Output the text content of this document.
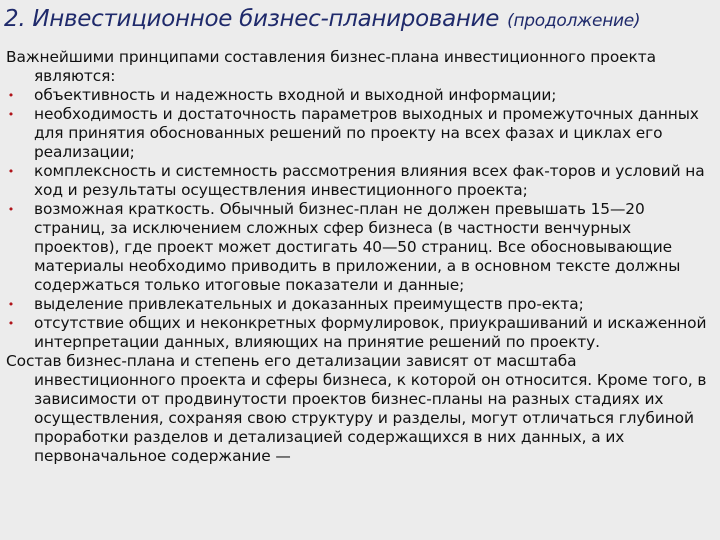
2. Инвестиционное бизнес-планирование (продолжение)

Важнейшими принципами составления бизнес-плана инвестиционного проекта являются:

• объективность и надежность входной и выходной информации;
• необходимость и достаточность параметров выходных и промежуточных данных для принятия обоснованных решений по проекту на всех фазах и циклах его реализации;
• комплексность и системность рассмотрения влияния всех фак-торов и условий на ход и результаты осуществления инвестиционного проекта;
• возможная краткость. Обычный бизнес-план не должен превышать 15—20 страниц, за исключением сложных сфер бизнеса (в частности венчурных проектов), где проект может достигать 40—50 страниц. Все обосновывающие материалы необходимо приводить в приложении, а в основном тексте должны содержаться только итоговые показатели и данные;
• выделение привлекательных и доказанных преимуществ про-екта;
• отсутствие общих и неконкретных формулировок, приукрашиваний и искаженной интерпретации данных, влияющих на принятие решений по проекту.

Состав бизнес-плана и степень его детализации зависят от масштаба инвестиционного проекта и сферы бизнеса, к которой он относится. Кроме того, в зависимости от продвинутости проектов бизнес-планы на разных стадиях их осуществления, сохраняя свою структуру и разделы, могут отличаться глубиной проработки разделов и детализацией содержащихся в них данных, а их первоначальное содержание —
